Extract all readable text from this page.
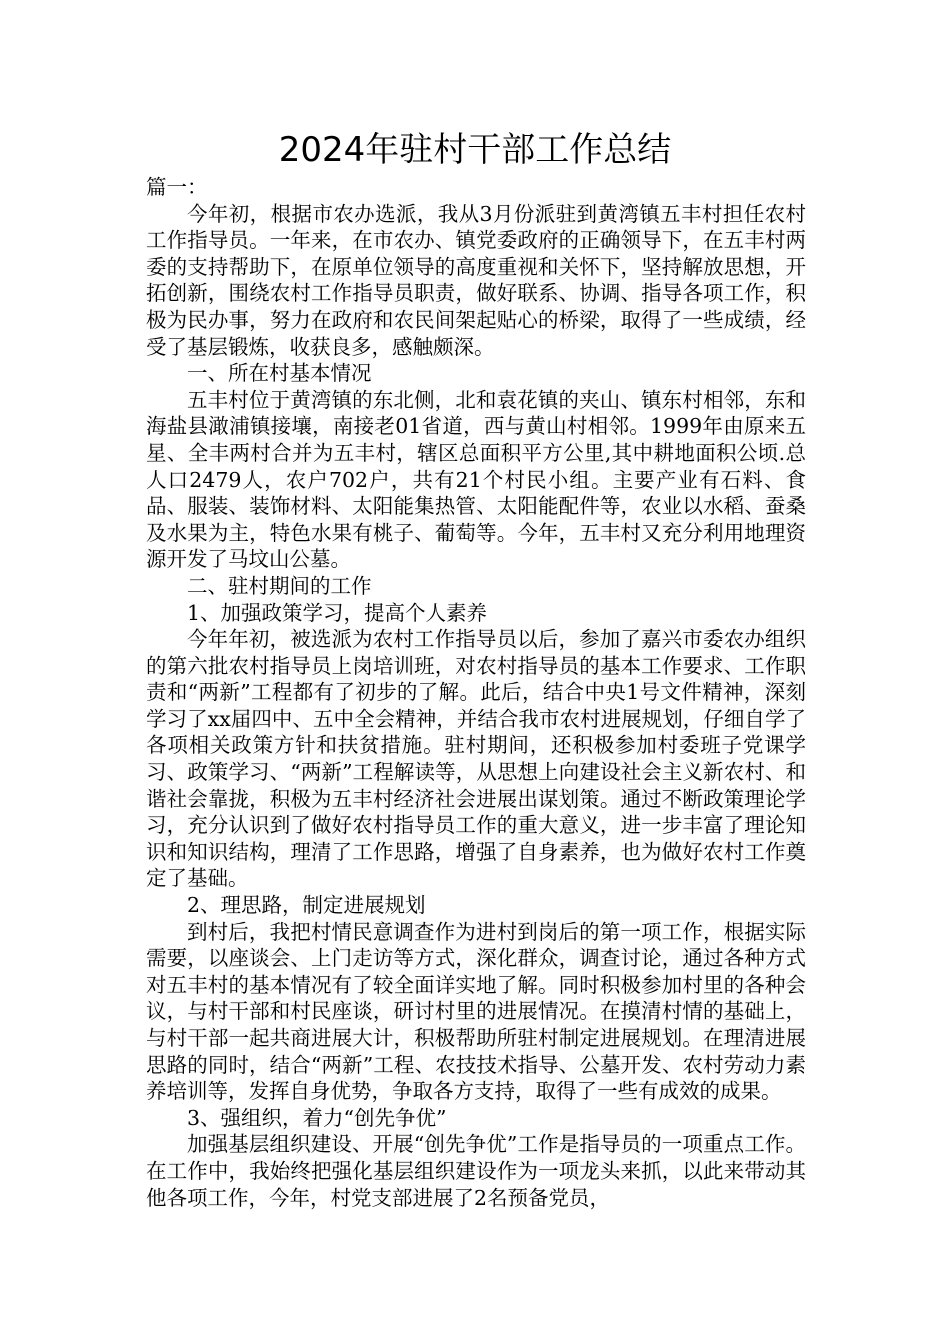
2024年驻村干部工作总结

篇一：

今年初，根据市农办选派，我从3月份派驻到黄湾镇五丰村担任农村工作指导员。一年来，在市农办、镇党委政府的正确领导下，在五丰村两委的支持帮助下，在原单位领导的高度重视和关怀下，坚持解放思想，开拓创新，围绕农村工作指导员职责，做好联系、协调、指导各项工作，积极为民办事，努力在政府和农民间架起贴心的桥梁，取得了一些成绩，经受了基层锻炼，收获良多，感触颇深。

一、所在村基本情况

五丰村位于黄湾镇的东北侧，北和袁花镇的夹山、镇东村相邻，东和海盐县澉浦镇接壤，南接老01省道，西与黄山村相邻。1999年由原来五星、全丰两村合并为五丰村，辖区总面积平方公里,其中耕地面积公顷.总人口2479人，农户702户，共有21个村民小组。主要产业有石料、食品、服装、装饰材料、太阳能集热管、太阳能配件等，农业以水稻、蚕桑及水果为主，特色水果有桃子、葡萄等。今年，五丰村又充分利用地理资源开发了马坟山公墓。

二、驻村期间的工作

1、加强政策学习，提高个人素养

今年年初，被选派为农村工作指导员以后，参加了嘉兴市委农办组织的第六批农村指导员上岗培训班，对农村指导员的基本工作要求、工作职责和“两新”工程都有了初步的了解。此后，结合中央1号文件精神，深刻学习了xx届四中、五中全会精神，并结合我市农村进展规划，仔细自学了各项相关政策方针和扶贫措施。驻村期间，还积极参加村委班子党课学习、政策学习、“两新”工程解读等，从思想上向建设社会主义新农村、和谐社会靠拢，积极为五丰村经济社会进展出谋划策。通过不断政策理论学习，充分认识到了做好农村指导员工作的重大意义，进一步丰富了理论知识和知识结构，理清了工作思路，增强了自身素养，也为做好农村工作奠定了基础。

2、理思路，制定进展规划

到村后，我把村情民意调查作为进村到岗后的第一项工作，根据实际需要，以座谈会、上门走访等方式，深化群众，调查讨论，通过各种方式对五丰村的基本情况有了较全面详实地了解。同时积极参加村里的各种会议，与村干部和村民座谈，研讨村里的进展情况。在摸清村情的基础上，与村干部一起共商进展大计，积极帮助所驻村制定进展规划。在理清进展思路的同时，结合“两新”工程、农技技术指导、公墓开发、农村劳动力素养培训等，发挥自身优势，争取各方支持，取得了一些有成效的成果。

3、强组织，着力“创先争优”

加强基层组织建设、开展“创先争优”工作是指导员的一项重点工作。在工作中，我始终把强化基层组织建设作为一项龙头来抓，以此来带动其他各项工作，今年，村党支部进展了2名预备党员，
